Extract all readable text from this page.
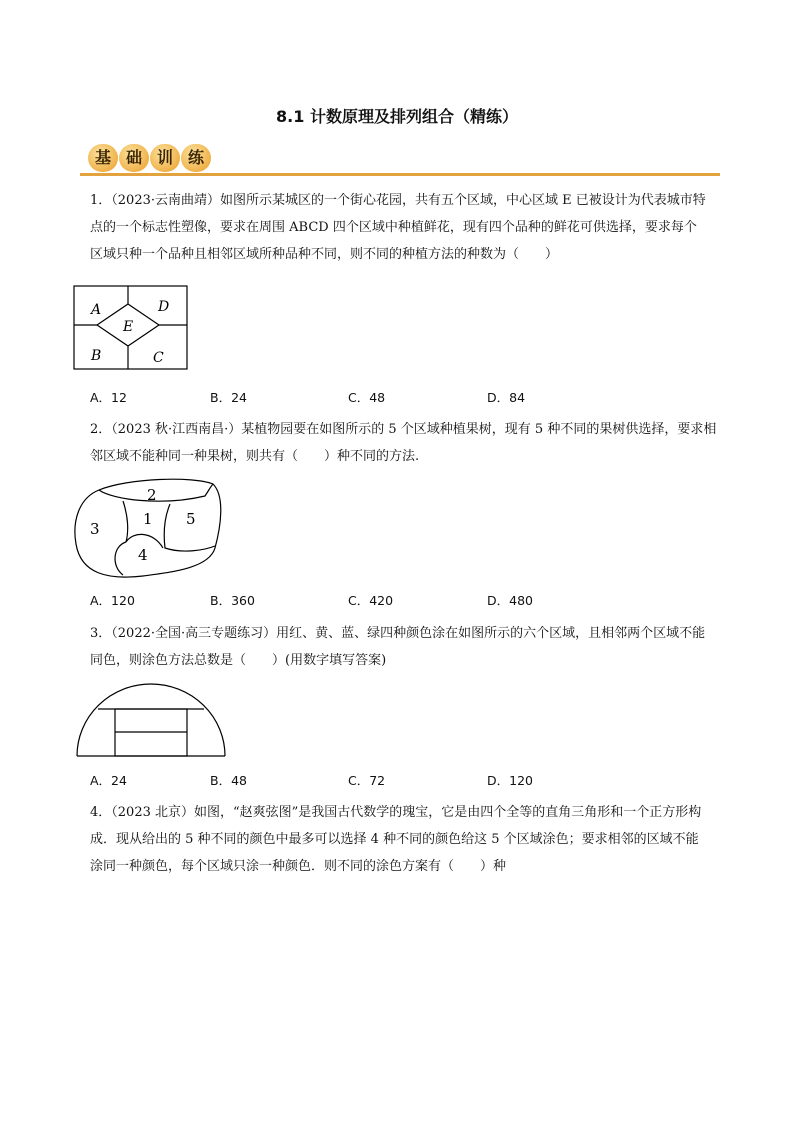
8.1 计数原理及排列组合（精练）
基 础 训 练
1．（2023·云南曲靖）如图所示某城区的一个街心花园，共有五个区域，中心区域 E 已被设计为代表城市特
点的一个标志性塑像，要求在周围 ABCD 四个区域中种植鲜花，现有四个品种的鲜花可供选择，要求每个
区域只种一个品种且相邻区域所种品种不同，则不同的种植方法的种数为（　　）
A	D
E
B	C
A．12	B．24	C．48	D．84
2．（2023 秋·江西南昌·）某植物园要在如图所示的 5 个区域种植果树，现有 5 种不同的果树供选择，要求相
邻区域不能种同一种果树，则共有（　　）种不同的方法.
2
1 5
3
4
A．120	B．360	C．420	D．480
3．（2022·全国·高三专题练习）用红、黄、蓝、绿四种颜色涂在如图所示的六个区域，且相邻两个区域不能
同色，则涂色方法总数是（　　）(用数字填写答案)
A．24	B．48	C．72	D．120
4．（2023 北京）如图，“赵爽弦图”是我国古代数学的瑰宝，它是由四个全等的直角三角形和一个正方形构
成．现从给出的 5 种不同的颜色中最多可以选择 4 种不同的颜色给这 5 个区域涂色；要求相邻的区域不能
涂同一种颜色，每个区域只涂一种颜色．则不同的涂色方案有（　　）种
